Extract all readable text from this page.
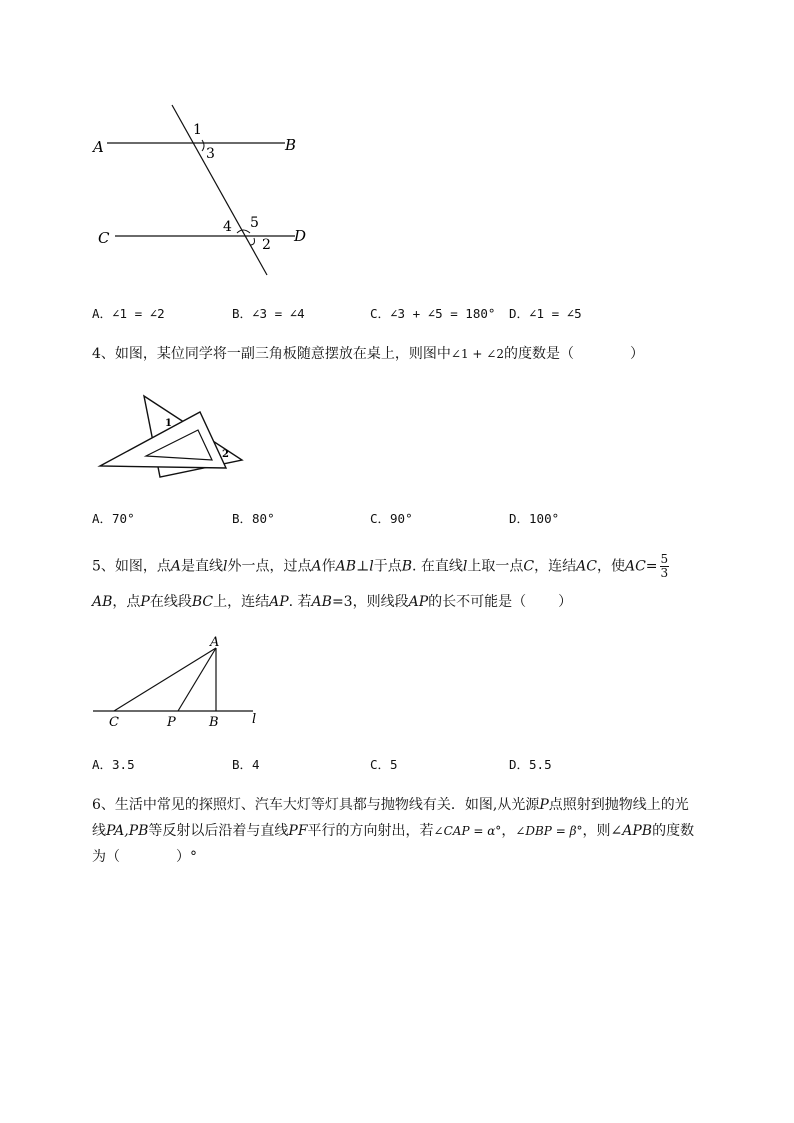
A	B
C	D
1
3
4 5
2
A．∠1 = ∠2	B．∠3 = ∠4	C．∠3 + ∠5 = 180° D．∠1 = ∠5
4、如图，某位同学将一副三角板随意摆放在桌上，则图中∠1 + ∠2的度数是（	）
1
2
A．70°	B．80°	C．90°	D．100°
5、如图，点A是直线l外一点，过点A作AB⊥l于点B. 在直线l上取一点C，连结AC，使$AC= \frac{5}{3}$
AB，点P在线段BC上，连结AP. 若AB=3，则线段AP的长不可能是（ ）
A
C	P	B	l
A．3.5	B．4	C．5	D．5.5
6、生活中常见的探照灯、汽车大灯等灯具都与抛物线有关．如图,从光源P点照射到抛物线上的光
线PA,PB等反射以后沿着与直线PF平行的方向射出，若∠CAP = α°，∠DBP = β°，则∠APB的度数
为（	）°
